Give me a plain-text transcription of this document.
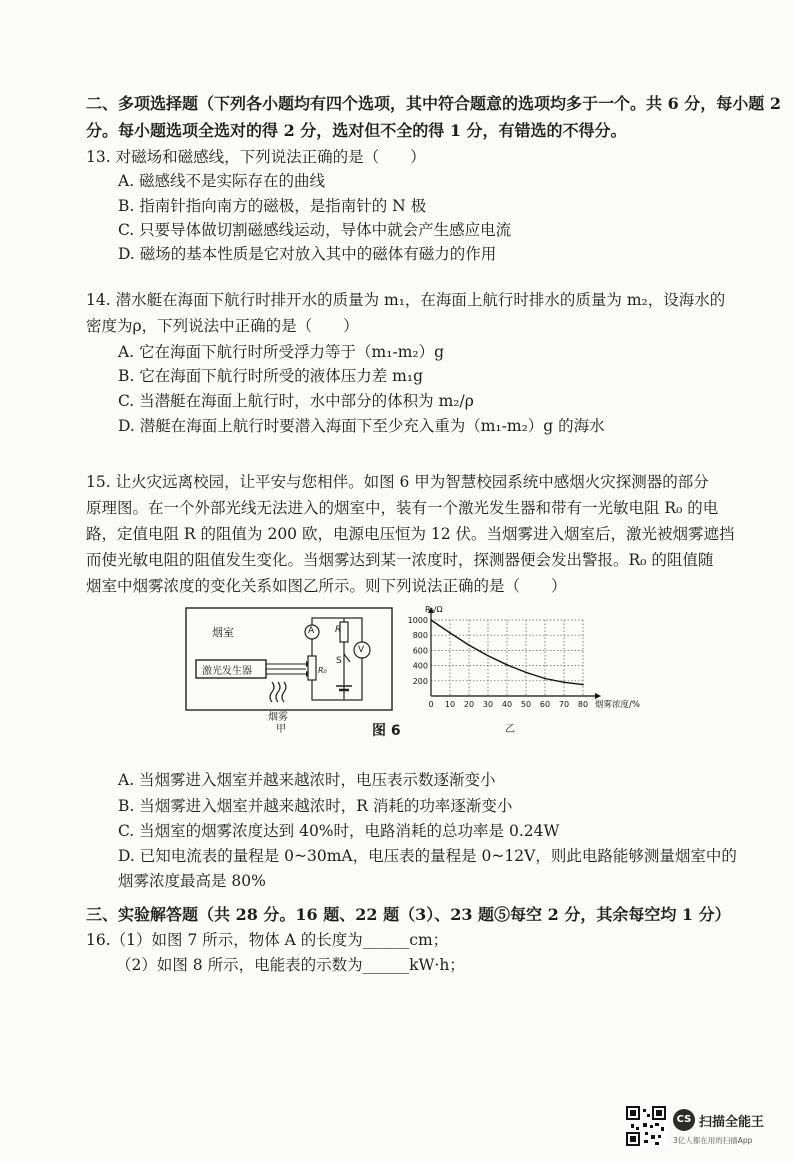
二、多项选择题（下列各小题均有四个选项，其中符合题意的选项均多于一个。共 6 分，每小题 2
分。每小题选项全选对的得 2 分，选对但不全的得 1 分，有错选的不得分。
13. 对磁场和磁感线，下列说法正确的是（　　）
A. 磁感线不是实际存在的曲线
B. 指南针指向南方的磁极，是指南针的 N 极
C. 只要导体做切割磁感线运动，导体中就会产生感应电流
D. 磁场的基本性质是它对放入其中的磁体有磁力的作用
14. 潜水艇在海面下航行时排开水的质量为 m₁，在海面上航行时排水的质量为 m₂，设海水的
密度为ρ，下列说法中正确的是（　　）
A. 它在海面下航行时所受浮力等于（m₁-m₂）g
B. 它在海面下航行时所受的液体压力差 m₁g
C. 当潜艇在海面上航行时，水中部分的体积为 m₂/ρ
D. 潜艇在海面上航行时要潜入海面下至少充入重为（m₁-m₂）g 的海水
15. 让火灾远离校园，让平安与您相伴。如图 6 甲为智慧校园系统中感烟火灾探测器的部分
原理图。在一个外部光线无法进入的烟室中，装有一个激光发生器和带有一光敏电阻 R₀ 的电
路，定值电阻 R 的阻值为 200 欧，电源电压恒为 12 伏。当烟雾进入烟室后，激光被烟雾遮挡
而使光敏电阻的阻值发生变化。当烟雾达到某一浓度时，探测器便会发出警报。R₀ 的阻值随
烟室中烟雾浓度的变化关系如图乙所示。则下列说法正确的是（　　）
烟室
激光发生器
A R
S
V
R₀
烟雾
甲	图 6
1000
800
600
400
200
0 10 20 30 40 50 60 70 80
R₀/Ω
烟雾浓度/%
乙
A. 当烟雾进入烟室并越来越浓时，电压表示数逐渐变小
B. 当烟雾进入烟室并越来越浓时，R 消耗的功率逐渐变小
C. 当烟室的烟雾浓度达到 40%时，电路消耗的总功率是 0.24W
D. 已知电流表的量程是 0~30mA，电压表的量程是 0~12V，则此电路能够测量烟室中的
烟雾浓度最高是 80%
三、实验解答题（共 28 分。16 题、22 题（3）、23 题⑤每空 2 分，其余每空均 1 分）
16.（1）如图 7 所示，物体 A 的长度为______cm；
（2）如图 8 所示，电能表的示数为______kW·h；
CS 扫描全能王
3亿人都在用的扫描App
